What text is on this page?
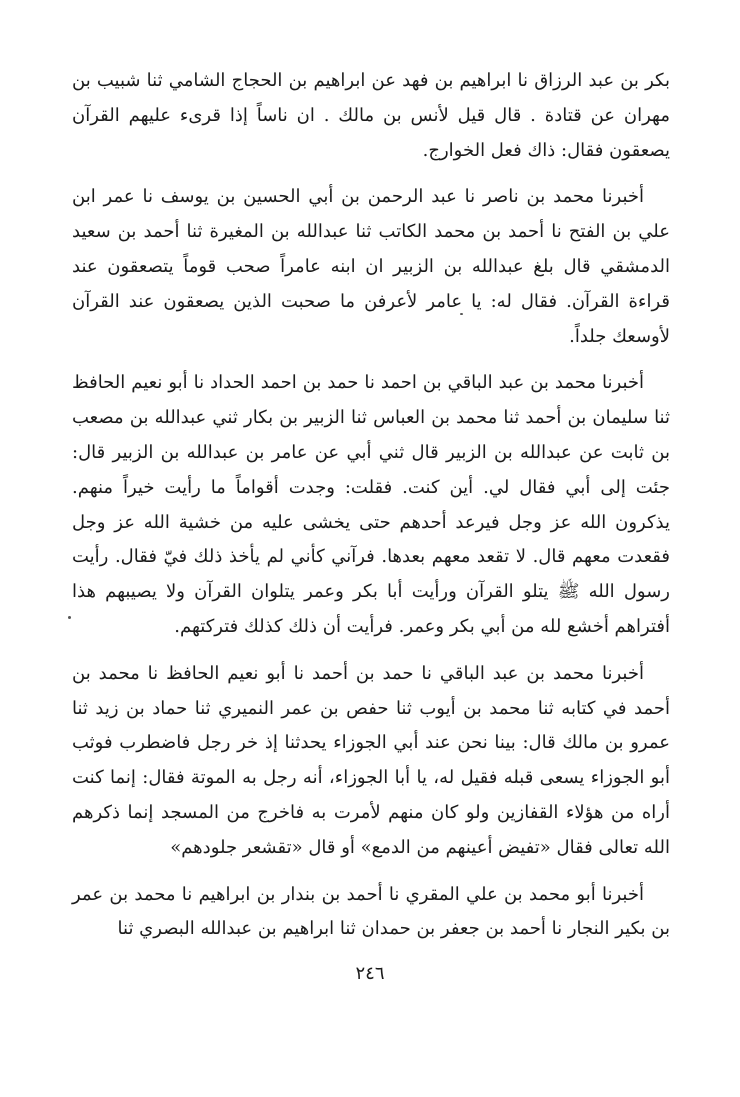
بكر بن عبد الرزاق نا ابراهيم بن فهد عن ابراهيم بن الحجاج الشامي ثنا شبيب بن مهران عن قتادة . قال قيل لأنس بن مالك . ان ناساً إذا قرىء عليهم القرآن يصعقون فقال: ذاك فعل الخوارج.

أخبرنا محمد بن ناصر نا عبد الرحمن بن أبي الحسين بن يوسف نا عمر ابن علي بن الفتح نا أحمد بن محمد الكاتب ثنا عبدالله بن المغيرة ثنا أحمد بن سعيد الدمشقي قال بلغ عبدالله بن الزبير ان ابنه عامراً صحب قوماً يتصعقون عند قراءة القرآن. فقال له: يا عامر لأعرفن ما صحبت الذين يصعقون عند القرآن لأوسعك جلداً.

أخبرنا محمد بن عبد الباقي بن احمد نا حمد بن احمد الحداد نا أبو نعيم الحافظ ثنا سليمان بن أحمد ثنا محمد بن العباس ثنا الزبير بن بكار ثني عبدالله بن مصعب بن ثابت عن عبدالله بن الزبير قال ثني أبي عن عامر بن عبدالله بن الزبير قال: جئت إلى أبي فقال لي. أين كنت. فقلت: وجدت أقواماً ما رأيت خيراً منهم. يذكرون الله عز وجل فيرعد أحدهم حتى يخشى عليه من خشية الله عز وجل فقعدت معهم قال. لا تقعد معهم بعدها. فرآني كأني لم يأخذ ذلك فيّ فقال. رأيت رسول الله ﷺ يتلو القرآن ورأيت أبا بكر وعمر يتلوان القرآن ولا يصيبهم هذا أفتراهم أخشع لله من أبي بكر وعمر. فرأيت أن ذلك كذلك فتركتهم.

أخبرنا محمد بن عبد الباقي نا حمد بن أحمد نا أبو نعيم الحافظ نا محمد بن أحمد في كتابه ثنا محمد بن أيوب ثنا حفص بن عمر النميري ثنا حماد بن زيد ثنا عمرو بن مالك قال: بينا نحن عند أبي الجوزاء يحدثنا إذ خر رجل فاضطرب فوثب أبو الجوزاء يسعى قبله فقيل له، يا أبا الجوزاء، أنه رجل به الموتة فقال: إنما كنت أراه من هؤلاء القفازين ولو كان منهم لأمرت به فاخرج من المسجد إنما ذكرهم الله تعالى فقال «تفيض أعينهم من الدمع» أو قال «تقشعر جلودهم»

أخبرنا أبو محمد بن علي المقري نا أحمد بن بندار بن ابراهيم نا محمد بن عمر بن بكير النجار نا أحمد بن جعفر بن حمدان ثنا ابراهيم بن عبدالله البصري ثنا

٢٤٦
